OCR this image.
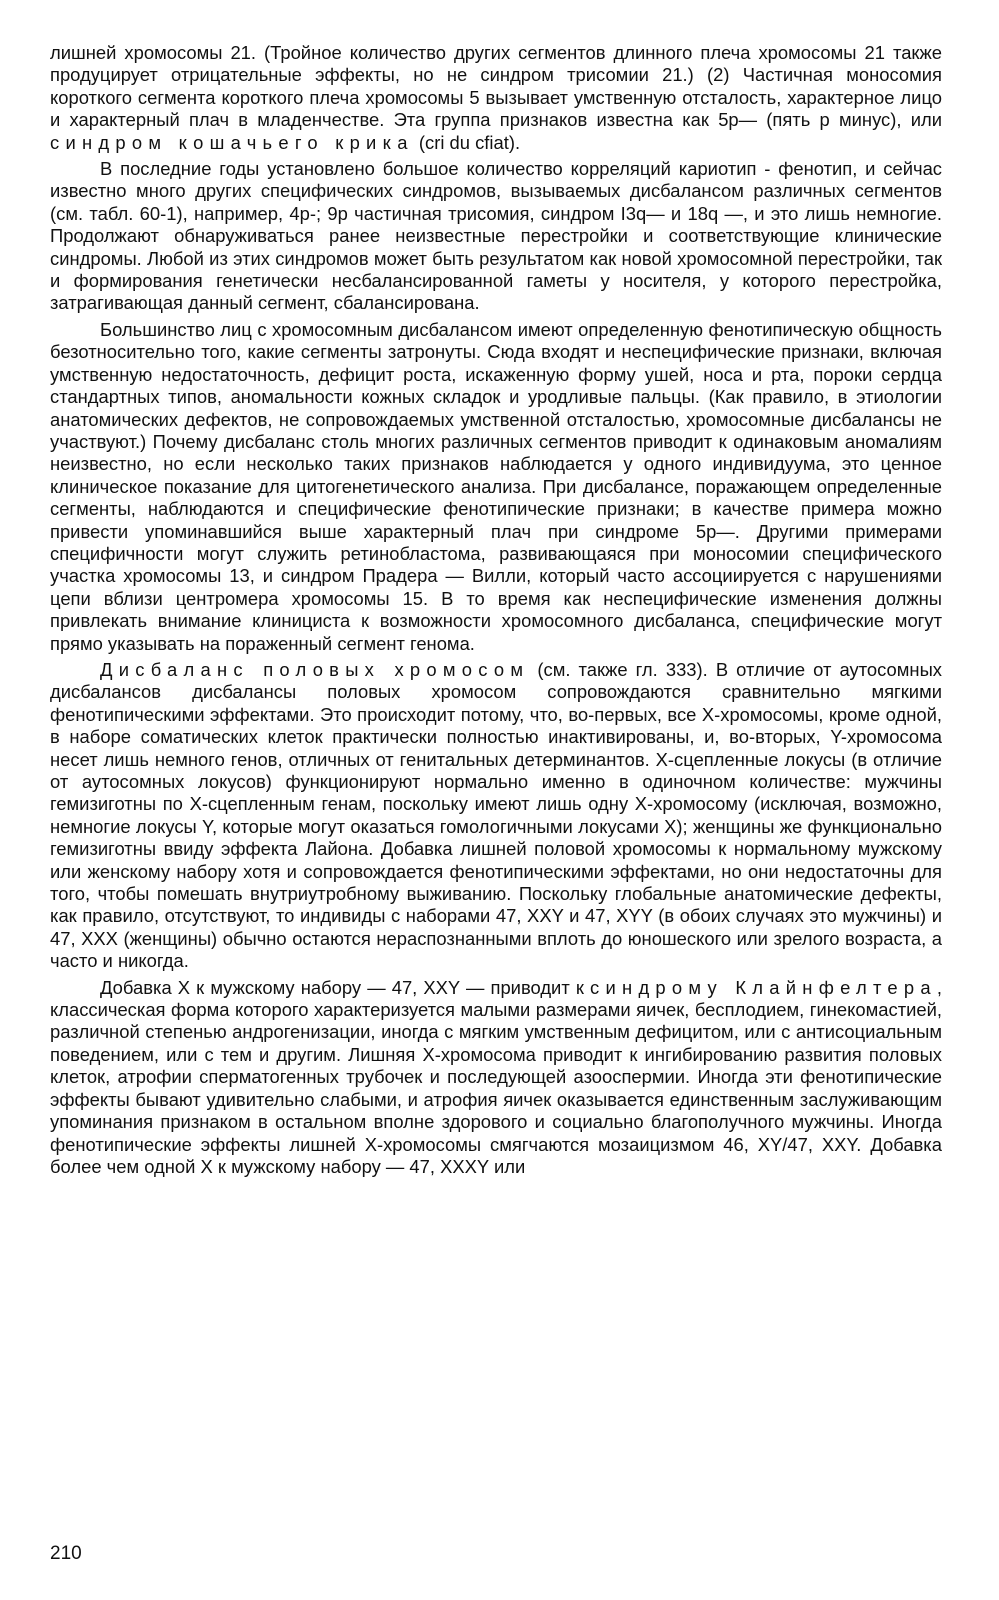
лишней хромосомы 21. (Тройное количество других сегментов длинного плеча хромосомы 21 также продуцирует отрицательные эффекты, но не синдром трисомии 21.) (2) Частичная моносомия короткого сегмента короткого плеча хромосомы 5 вызывает умственную отсталость, характерное лицо и характерный плач в младенчестве. Эта группа признаков известна как 5р— (пять р минус), или синдром кошачьего крика (cri du cfiat).

В последние годы установлено большое количество корреляций кариотип - фенотип, и сейчас известно много других специфических синдромов, вызываемых дисбалансом различных сегментов (см. табл. 60-1), например, 4р-; 9р частичная трисомия, синдром I3q— и 18q —, и это лишь немногие. Продолжают обнаруживаться ранее неизвестные перестройки и соответствующие клинические синдромы. Любой из этих синдромов может быть результатом как новой хромосомной перестройки, так и формирования генетически несбалансированной гаметы у носителя, у которого перестройка, затрагивающая данный сегмент, сбалансирована.

Большинство лиц с хромосомным дисбалансом имеют определенную фенотипическую общность безотносительно того, какие сегменты затронуты. Сюда входят и неспецифические признаки, включая умственную недостаточность, дефицит роста, искаженную форму ушей, носа и рта, пороки сердца стандартных типов, аномальности кожных складок и уродливые пальцы. (Как правило, в этиологии анатомических дефектов, не сопровождаемых умственной отсталостью, хромосомные дисбалансы не участвуют.) Почему дисбаланс столь многих различных сегментов приводит к одинаковым аномалиям неизвестно, но если несколько таких признаков наблюдается у одного индивидуума, это ценное клиническое показание для цитогенетического анализа. При дисбалансе, поражающем определенные сегменты, наблюдаются и специфические фенотипические признаки; в качестве примера можно привести упоминавшийся выше характерный плач при синдроме 5р—. Другими примерами специфичности могут служить ретинобластома, развивающаяся при моносомии специфического участка хромосомы 13, и синдром Прадера — Вилли, который часто ассоциируется с нарушениями цепи вблизи центромера хромосомы 15. В то время как неспецифические изменения должны привлекать внимание клинициста к возможности хромосомного дисбаланса, специфические могут прямо указывать на пораженный сегмент генома.

Дисбаланс половых хромосом (см. также гл. 333). В отличие от аутосомных дисбалансов дисбалансы половых хромосом сопровождаются сравнительно мягкими фенотипическими эффектами. Это происходит потому, что, во-первых, все Х-хромосомы, кроме одной, в наборе соматических клеток практически полностью инактивированы, и, во-вторых, Y-хромосома несет лишь немного генов, отличных от генитальных детерминантов. Х-сцепленные локусы (в отличие от аутосомных локусов) функционируют нормально именно в одиночном количестве: мужчины гемизиготны по Х-сцепленным генам, поскольку имеют лишь одну Х-хромосому (исключая, возможно, немногие локусы Y, которые могут оказаться гомологичными локусами X); женщины же функционально гемизиготны ввиду эффекта Лайона. Добавка лишней половой хромосомы к нормальному мужскому или женскому набору хотя и сопровождается фенотипическими эффектами, но они недостаточны для того, чтобы помешать внутриутробному выживанию. Поскольку глобальные анатомические дефекты, как правило, отсутствуют, то индивиды с наборами 47, XXY и 47, XYY (в обоих случаях это мужчины) и 47, XXX (женщины) обычно остаются нераспознанными вплоть до юношеского или зрелого возраста, а часто и никогда.

Добавка X к мужскому набору — 47, XXY — приводит к синдрому Клайнфелтера, классическая форма которого характеризуется малыми размерами яичек, бесплодием, гинекомастией, различной степенью андрогенизации, иногда с мягким умственным дефицитом, или с антисоциальным поведением, или с тем и другим. Лишняя Х-хромосома приводит к ингибированию развития половых клеток, атрофии сперматогенных трубочек и последующей азооспермии. Иногда эти фенотипические эффекты бывают удивительно слабыми, и атрофия яичек оказывается единственным заслуживающим упоминания признаком в остальном вполне здорового и социально благополучного мужчины. Иногда фенотипические эффекты лишней Х-хромосомы смягчаются мозаицизмом 46, XY/47, XXY. Добавка более чем одной X к мужскому набору — 47, XXXY или

210
